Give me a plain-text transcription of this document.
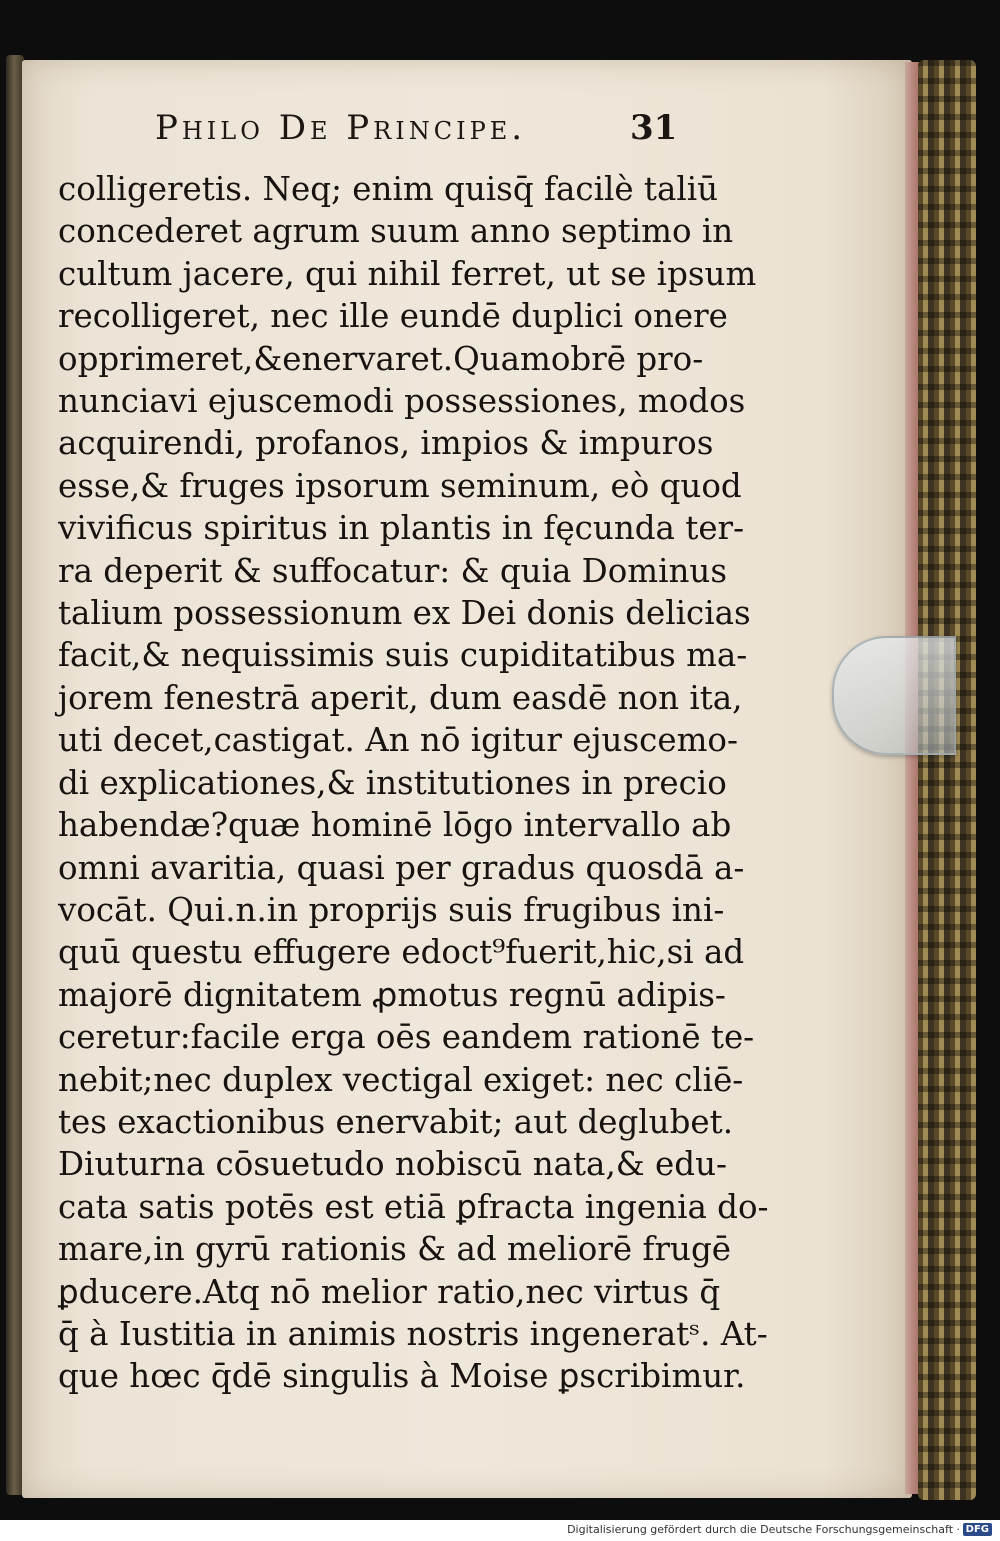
Philo De Principe.	31
colligeretis. Neq; enim quisq̄ facilè taliū
concederet agrum suum anno septimo in
cultum jacere, qui nihil ferret, ut se ipsum
recolligeret, nec ille eundē duplici onere
opprimeret,&enervaret.Quamobrē pro-
nunciavi ejuscemodi possessiones, modos
acquirendi, profanos, impios & impuros
esse,& fruges ipsorum seminum, eò quod
vivificus spiritus in plantis in fęcunda ter-
ra deperit & suffocatur: & quia Dominus
talium possessionum ex Dei donis delicias
facit,& nequissimis suis cupiditatibus ma-
jorem fenestrā aperit, dum easdē non ita,
uti decet,castigat. An nō igitur ejuscemo-
di explicationes,& institutiones in precio
habendæ?quæ hominē lōgo intervallo ab
omni avaritia, quasi per gradus quosdā a-
vocāt. Qui.n.in proprijs suis frugibus ini-
quū questu effugere edoct⁹fuerit,hic,si ad
majorē dignitatem ꝓmotus regnū adipis-
ceretur:facile erga oēs eandem rationē te-
nebit;nec duplex vectigal exiget: nec cliē-
tes exactionibus enervabit; aut deglubet.
Diuturna cōsuetudo nobiscū nata,& edu-
cata satis potēs est etiā ꝑfracta ingenia do-
mare,in gyrū rationis & ad meliorē frugē
ꝑducere.Atq nō melior ratio,nec virtus q̄
q̄ à Iustitia in animis nostris ingeneratˢ. At-
que hœc q̄dē singulis à Moise ꝑscribimur.
Digitalisierung gefördert durch die Deutsche Forschungsgemeinschaft · DFG
